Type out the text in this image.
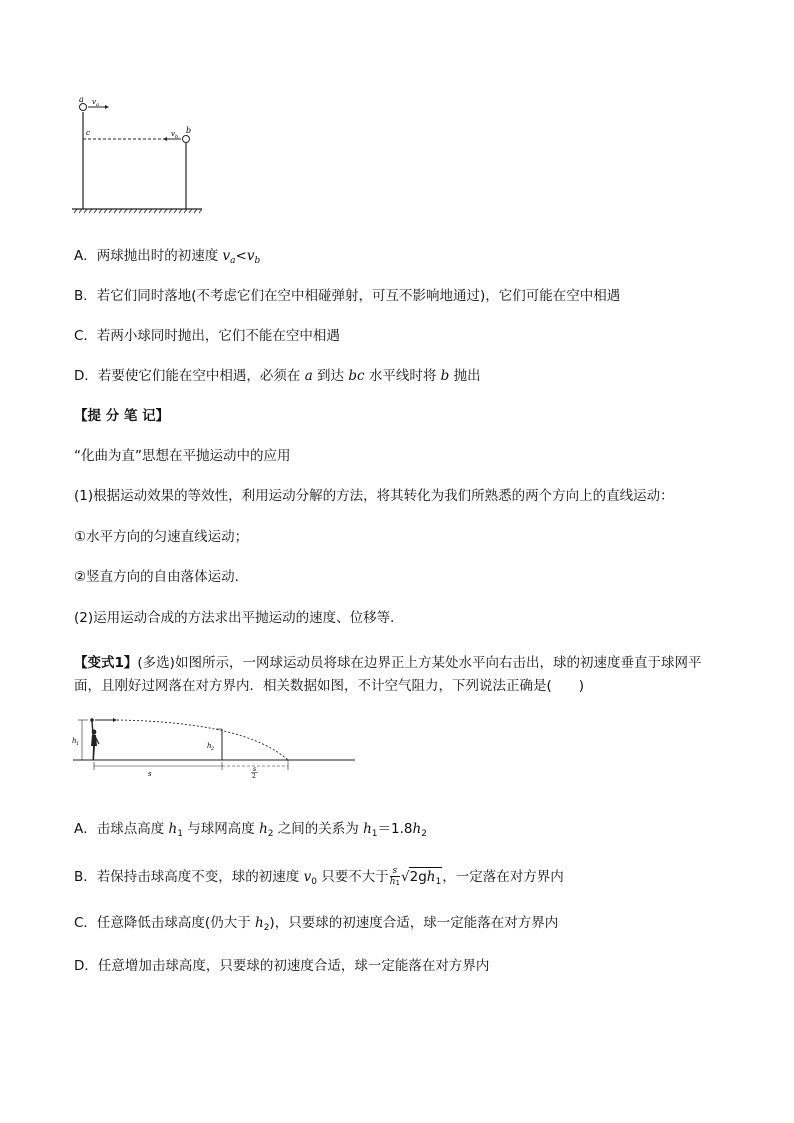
a v a
c	v b
b
A．两球抛出时的初速度 $v_a<v_b$
B．若它们同时落地(不考虑它们在空中相碰弹射，可互不影响地通过)，它们可能在空中相遇
C．若两小球同时抛出，它们不能在空中相遇
D．若要使它们能在空中相遇，必须在 a 到达 bc 水平线时将 b 抛出
【提 分 笔 记】
“化曲为直”思想在平抛运动中的应用
(1)根据运动效果的等效性，利用运动分解的方法，将其转化为我们所熟悉的两个方向上的直线运动：
①水平方向的匀速直线运动；
②竖直方向的自由落体运动．
(2)运用运动合成的方法求出平抛运动的速度、位移等．
【变式1】(多选)如图所示，一网球运动员将球在边界正上方某处水平向右击出，球的初速度垂直于球网平
面，且刚好过网落在对方界内．相关数据如图，不计空气阻力，下列说法正确是(　　)
h 1	h 2
s
s
2
A．击球点高度 $h_1$ 与球网高度 $h_2$ 之间的关系为 $h_1=1.8h_2$
B．若保持击球高度不变，球的初速度 $v_0$ 只要不大于 $\frac{s}{h1} √2gh_1$，一定落在对方界内
C．任意降低击球高度(仍大于 $h_2$)，只要球的初速度合适，球一定能落在对方界内
D．任意增加击球高度，只要球的初速度合适，球一定能落在对方界内
